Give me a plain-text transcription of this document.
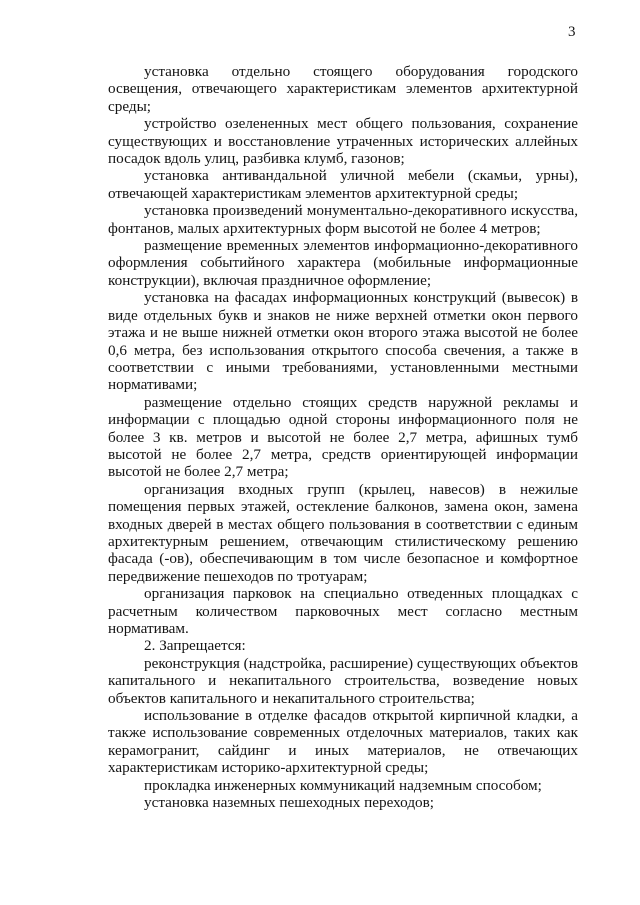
3

установка отдельно стоящего оборудования городского освещения, отвечающего характеристикам элементов архитектурной среды;

устройство озелененных мест общего пользования, сохранение существующих и восстановление утраченных исторических аллейных посадок вдоль улиц, разбивка клумб, газонов;

установка антивандальной уличной мебели (скамьи, урны), отвечающей характеристикам элементов архитектурной среды;

установка произведений монументально-декоративного искусства, фонтанов, малых архитектурных форм высотой не более 4 метров;

размещение временных элементов информационно-декоративного оформления событийного характера (мобильные информационные конструкции), включая праздничное оформление;

установка на фасадах информационных конструкций (вывесок) в виде отдельных букв и знаков не ниже верхней отметки окон первого этажа и не выше нижней отметки окон второго этажа высотой не более 0,6 метра, без использования открытого способа свечения, а также в соответствии с иными требованиями, установленными местными нормативами;

размещение отдельно стоящих средств наружной рекламы и информации с площадью одной стороны информационного поля не более 3 кв. метров и высотой не более 2,7 метра, афишных тумб высотой не более 2,7 метра, средств ориентирующей информации высотой не более 2,7 метра;

организация входных групп (крылец, навесов) в нежилые помещения первых этажей, остекление балконов, замена окон, замена входных дверей в местах общего пользования в соответствии с единым архитектурным решением, отвечающим стилистическому решению фасада (-ов), обеспечивающим в том числе безопасное и комфортное передвижение пешеходов по тротуарам;

организация парковок на специально отведенных площадках с расчетным количеством парковочных мест согласно местным нормативам.

2. Запрещается:

реконструкция (надстройка, расширение) существующих объектов капитального и некапитального строительства, возведение новых объектов капитального и некапитального строительства;

использование в отделке фасадов открытой кирпичной кладки, а также использование современных отделочных материалов, таких как керамогранит, сайдинг и иных материалов, не отвечающих характеристикам историко-архитектурной среды;

прокладка инженерных коммуникаций надземным способом;

установка наземных пешеходных переходов;
